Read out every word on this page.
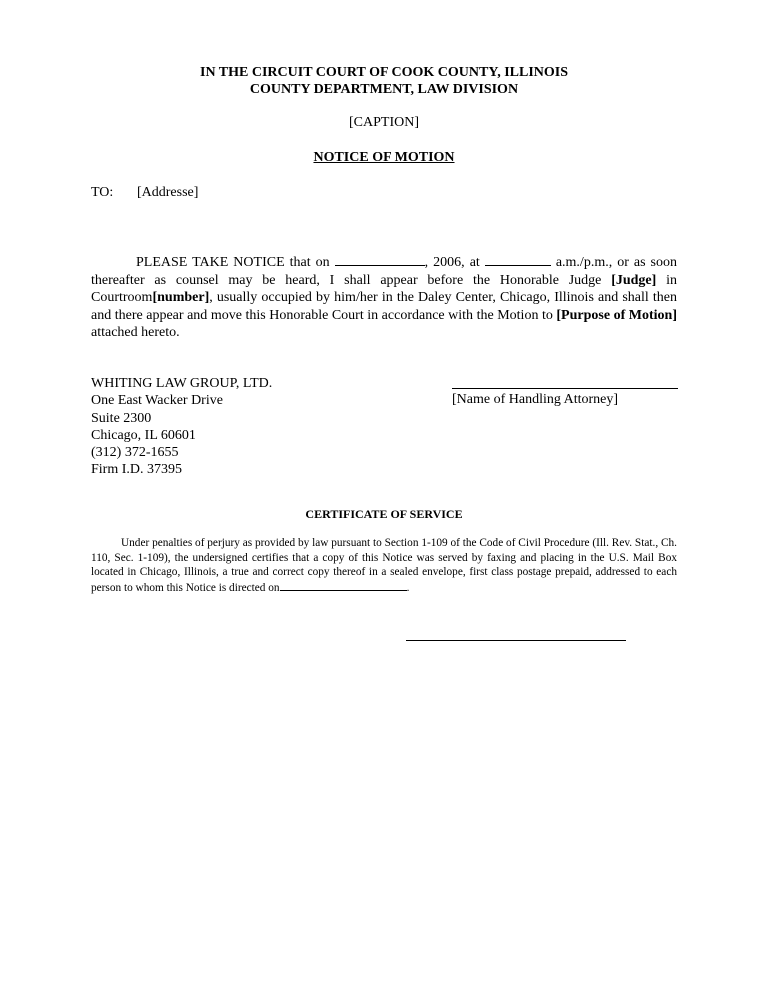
IN THE CIRCUIT COURT OF COOK COUNTY, ILLINOIS
COUNTY DEPARTMENT, LAW DIVISION
[CAPTION]
NOTICE OF MOTION
TO: [Addresse]
PLEASE TAKE NOTICE that on	, 2006, at	a.m./p.m., or as soon thereafter as counsel may be heard, I shall appear before the Honorable Judge [Judge] in Courtroom[number], usually occupied by him/her in the Daley Center, Chicago, Illinois and shall then and there appear and move this Honorable Court in accordance with the Motion to [Purpose of Motion] attached hereto.
WHITING LAW GROUP, LTD.
One East Wacker Drive
Suite 2300
Chicago, IL 60601
(312) 372-1655
Firm I.D. 37395
[Name of Handling Attorney]
CERTIFICATE OF SERVICE
Under penalties of perjury as provided by law pursuant to Section 1-109 of the Code of Civil Procedure (Ill. Rev. Stat., Ch. 110, Sec. 1-109), the undersigned certifies that a copy of this Notice was served by faxing and placing in the U.S. Mail Box located in Chicago, Illinois, a true and correct copy thereof in a sealed envelope, first class postage prepaid, addressed to each person to whom this Notice is directed on	.
